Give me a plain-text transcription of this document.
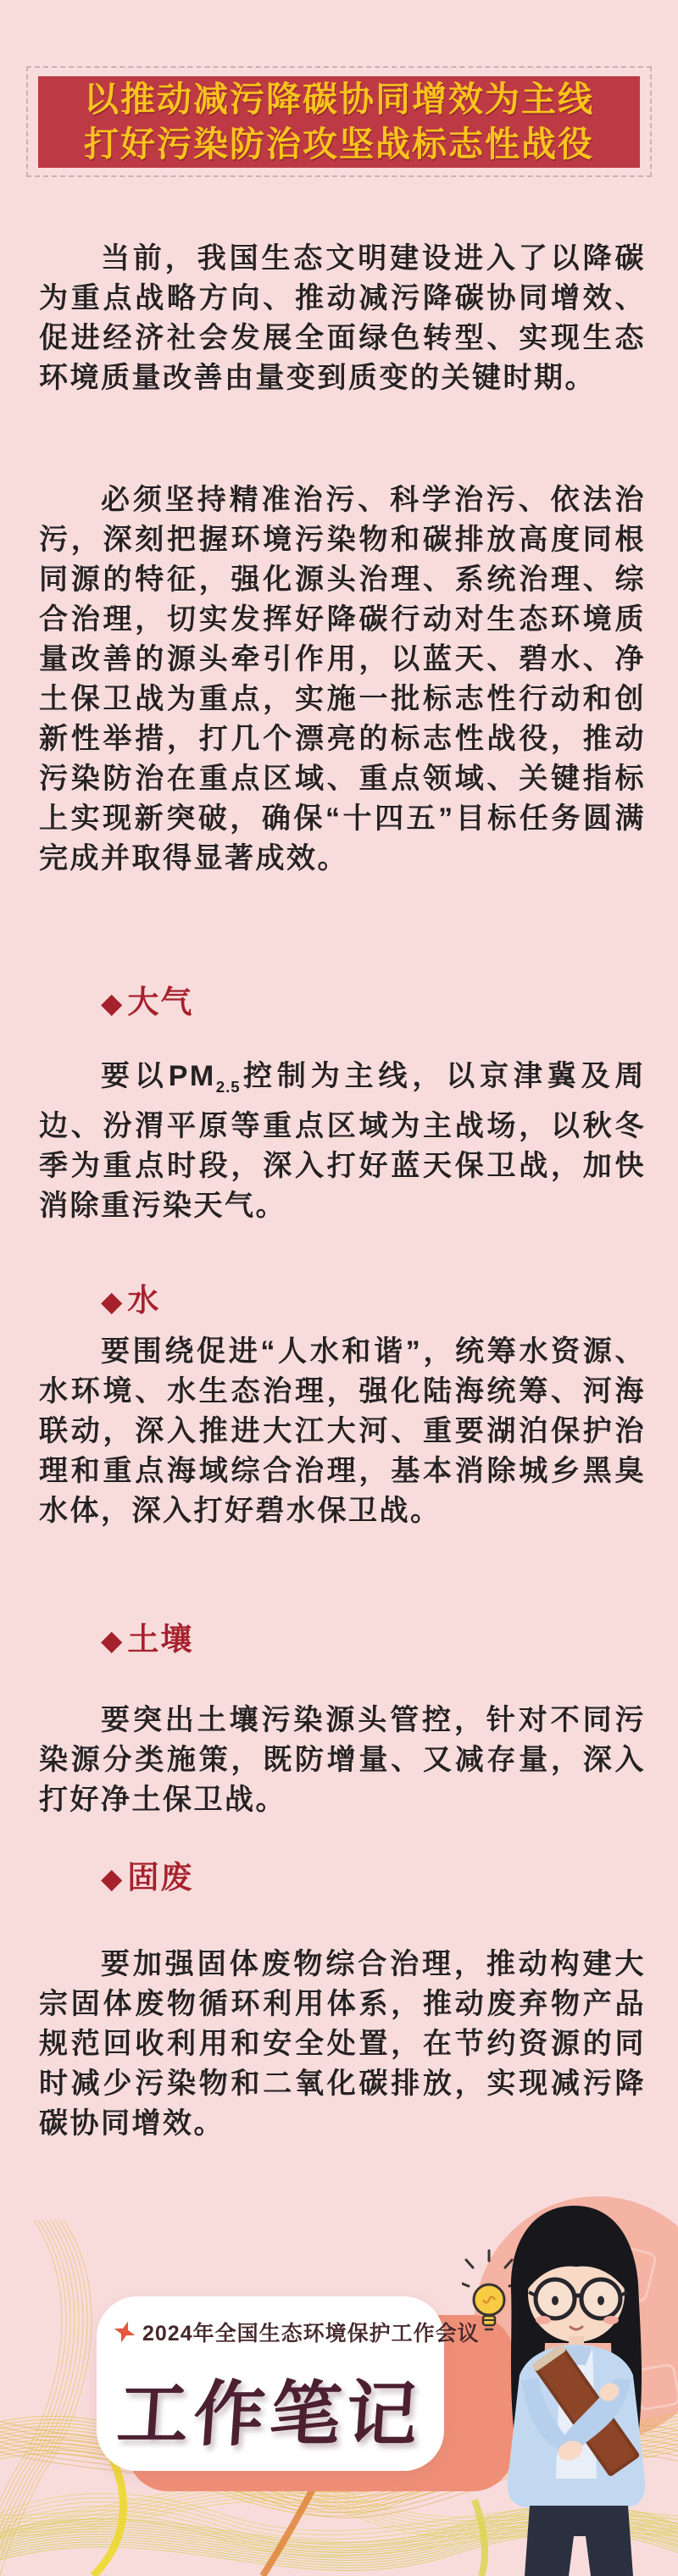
以推动减污降碳协同增效为主线
打好污染防治攻坚战标志性战役

当前，我国生态文明建设进入了以降碳为重点战略方向、推动减污降碳协同增效、促进经济社会发展全面绿色转型、实现生态环境质量改善由量变到质变的关键时期。

必须坚持精准治污、科学治污、依法治污，深刻把握环境污染物和碳排放高度同根同源的特征，强化源头治理、系统治理、综合治理，切实发挥好降碳行动对生态环境质量改善的源头牵引作用，以蓝天、碧水、净土保卫战为重点，实施一批标志性行动和创新性举措，打几个漂亮的标志性战役，推动污染防治在重点区域、重点领域、关键指标上实现新突破，确保“十四五”目标任务圆满完成并取得显著成效。

◆ 大气

要以$PM_{2.5}$控制为主线，以京津冀及周边、汾渭平原等重点区域为主战场，以秋冬季为重点时段，深入打好蓝天保卫战，加快消除重污染天气。

◆ 水

要围绕促进“人水和谐”，统筹水资源、水环境、水生态治理，强化陆海统筹、河海联动，深入推进大江大河、重要湖泊保护治理和重点海域综合治理，基本消除城乡黑臭水体，深入打好碧水保卫战。

◆ 土壤

要突出土壤污染源头管控，针对不同污染源分类施策，既防增量、又减存量，深入打好净土保卫战。

◆ 固废

要加强固体废物综合治理，推动构建大宗固体废物循环利用体系，推动废弃物产品规范回收利用和安全处置，在节约资源的同时减少污染物和二氧化碳排放，实现减污降碳协同增效。

2024年全国生态环境保护工作会议
工作笔记
